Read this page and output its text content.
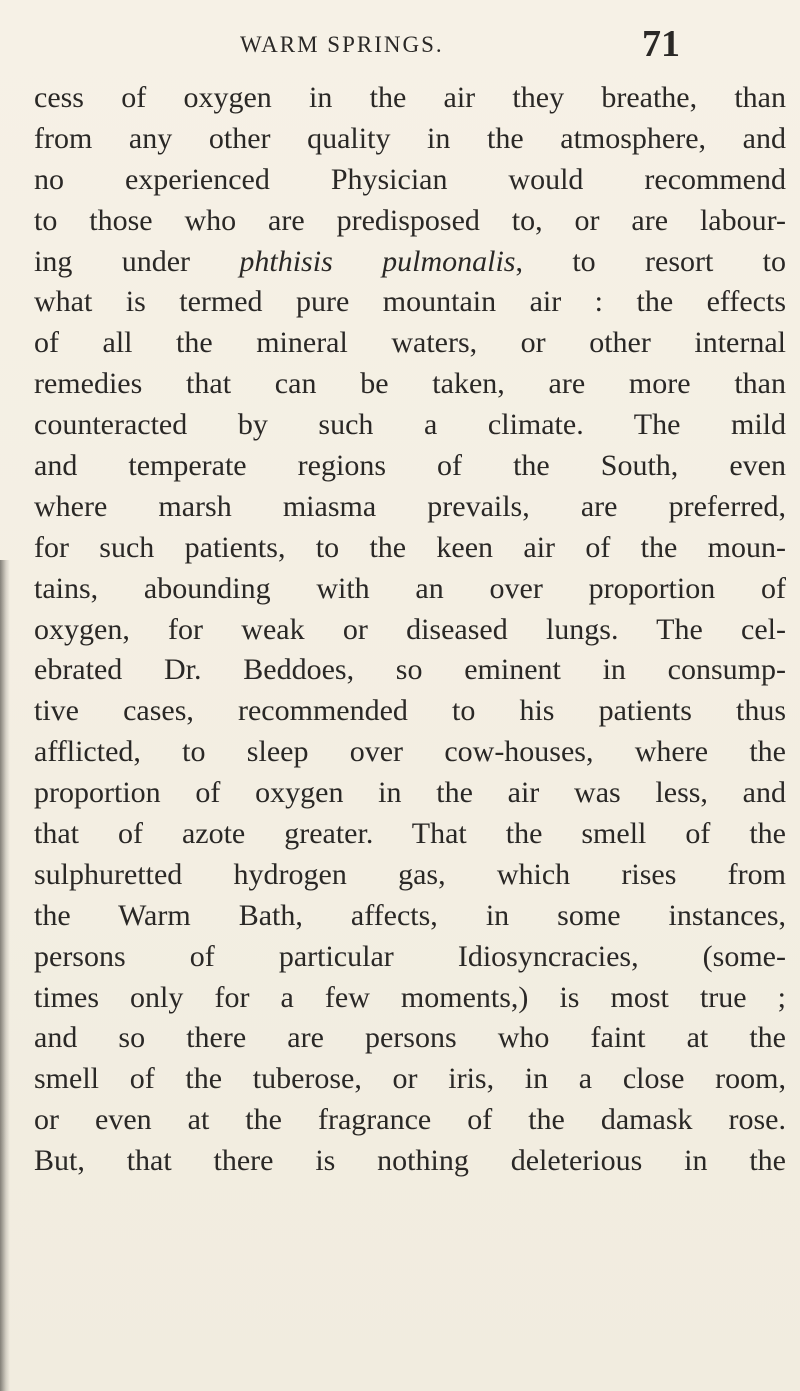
WARM SPRINGS.	71
cess of oxygen in the air they breathe, than
from any other quality in the atmosphere, and
no experienced Physician would recommend
to those who are predisposed to, or are labour-
ing under phthisis pulmonalis, to resort to
what is termed pure mountain air : the effects
of all the mineral waters, or other internal
remedies that can be taken, are more than
counteracted by such a climate. The mild
and temperate regions of the South, even
where marsh miasma prevails, are preferred,
for such patients, to the keen air of the moun-
tains, abounding with an over proportion of
oxygen, for weak or diseased lungs. The cel-
ebrated Dr. Beddoes, so eminent in consump-
tive cases, recommended to his patients thus
afflicted, to sleep over cow-houses, where the
proportion of oxygen in the air was less, and
that of azote greater. That the smell of the
sulphuretted hydrogen gas, which rises from
the Warm Bath, affects, in some instances,
persons of particular Idiosyncracies, (some-
times only for a few moments,) is most true ;
and so there are persons who faint at the
smell of the tuberose, or iris, in a close room,
or even at the fragrance of the damask rose.
But, that there is nothing deleterious in the
